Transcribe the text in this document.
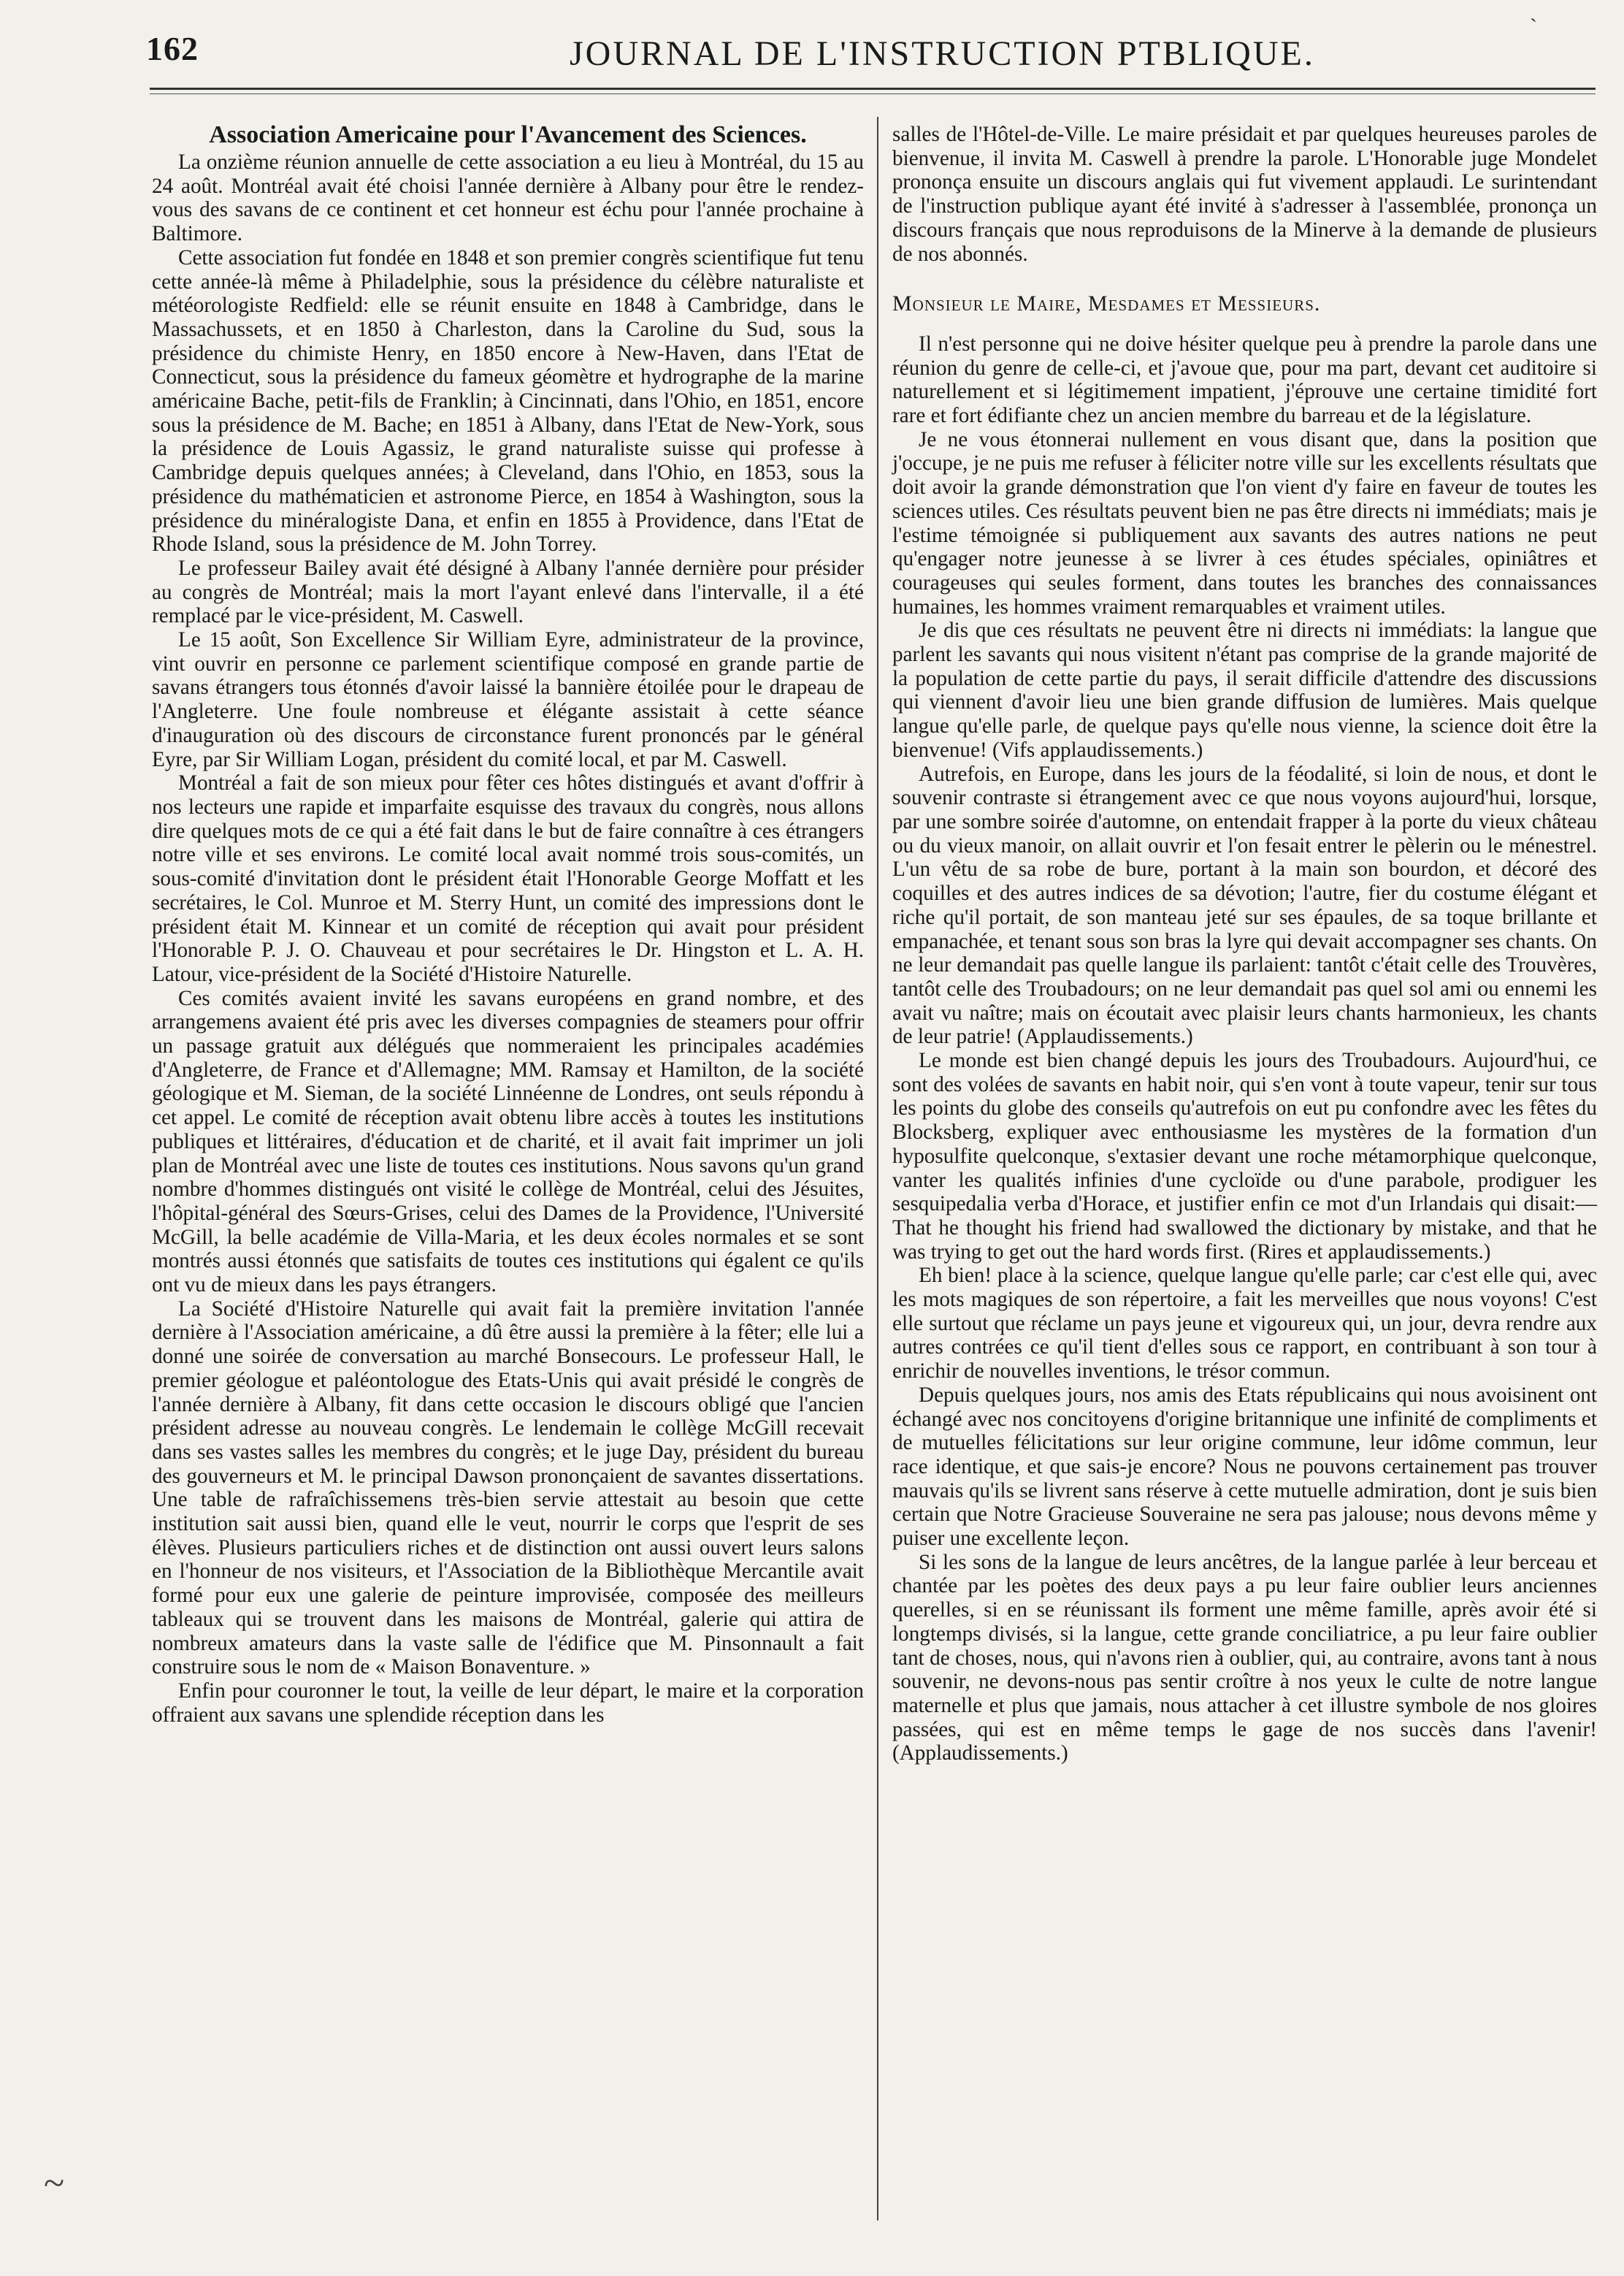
`
162	JOURNAL DE L'INSTRUCTION PTBLIQUE.
Association Americaine pour l'Avancement des Sciences.

La onzième réunion annuelle de cette association a eu lieu à Montréal, du 15 au 24 août. Montréal avait été choisi l'année dernière à Albany pour être le rendez-vous des savans de ce continent et cet honneur est échu pour l'année prochaine à Baltimore.

Cette association fut fondée en 1848 et son premier congrès scientifique fut tenu cette année-là même à Philadelphie, sous la présidence du célèbre naturaliste et météorologiste Redfield: elle se réunit ensuite en 1848 à Cambridge, dans le Massachussets, et en 1850 à Charleston, dans la Caroline du Sud, sous la présidence du chimiste Henry, en 1850 encore à New-Haven, dans l'Etat de Connecticut, sous la présidence du fameux géomètre et hydrographe de la marine américaine Bache, petit-fils de Franklin; à Cincinnati, dans l'Ohio, en 1851, encore sous la présidence de M. Bache; en 1851 à Albany, dans l'Etat de New-York, sous la présidence de Louis Agassiz, le grand naturaliste suisse qui professe à Cambridge depuis quelques années; à Cleveland, dans l'Ohio, en 1853, sous la présidence du mathématicien et astronome Pierce, en 1854 à Washington, sous la présidence du minéralogiste Dana, et enfin en 1855 à Providence, dans l'Etat de Rhode Island, sous la présidence de M. John Torrey.

Le professeur Bailey avait été désigné à Albany l'année dernière pour présider au congrès de Montréal; mais la mort l'ayant enlevé dans l'intervalle, il a été remplacé par le vice-président, M. Caswell.

Le 15 août, Son Excellence Sir William Eyre, administrateur de la province, vint ouvrir en personne ce parlement scientifique composé en grande partie de savans étrangers tous étonnés d'avoir laissé la bannière étoilée pour le drapeau de l'Angleterre. Une foule nombreuse et élégante assistait à cette séance d'inauguration où des discours de circonstance furent prononcés par le général Eyre, par Sir William Logan, président du comité local, et par M. Caswell.

Montréal a fait de son mieux pour fêter ces hôtes distingués et avant d'offrir à nos lecteurs une rapide et imparfaite esquisse des travaux du congrès, nous allons dire quelques mots de ce qui a été fait dans le but de faire connaître à ces étrangers notre ville et ses environs. Le comité local avait nommé trois sous-comités, un sous-comité d'invitation dont le président était l'Honorable George Moffatt et les secrétaires, le Col. Munroe et M. Sterry Hunt, un comité des impressions dont le président était M. Kinnear et un comité de réception qui avait pour président l'Honorable P. J. O. Chauveau et pour secrétaires le Dr. Hingston et L. A. H. Latour, vice-président de la Société d'Histoire Naturelle.

Ces comités avaient invité les savans européens en grand nombre, et des arrangemens avaient été pris avec les diverses compagnies de steamers pour offrir un passage gratuit aux délégués que nommeraient les principales académies d'Angleterre, de France et d'Allemagne; MM. Ramsay et Hamilton, de la société géologique et M. Sieman, de la société Linnéenne de Londres, ont seuls répondu à cet appel. Le comité de réception avait obtenu libre accès à toutes les institutions publiques et littéraires, d'éducation et de charité, et il avait fait imprimer un joli plan de Montréal avec une liste de toutes ces institutions. Nous savons qu'un grand nombre d'hommes distingués ont visité le collège de Montréal, celui des Jésuites, l'hôpital-général des Sœurs-Grises, celui des Dames de la Providence, l'Université McGill, la belle académie de Villa-Maria, et les deux écoles normales et se sont montrés aussi étonnés que satisfaits de toutes ces institutions qui égalent ce qu'ils ont vu de mieux dans les pays étrangers.

La Société d'Histoire Naturelle qui avait fait la première invitation l'année dernière à l'Association américaine, a dû être aussi la première à la fêter; elle lui a donné une soirée de conversation au marché Bonsecours. Le professeur Hall, le premier géologue et paléontologue des Etats-Unis qui avait présidé le congrès de l'année dernière à Albany, fit dans cette occasion le discours obligé que l'ancien président adresse au nouveau congrès. Le lendemain le collège McGill recevait dans ses vastes salles les membres du congrès; et le juge Day, président du bureau des gouverneurs et M. le principal Dawson prononçaient de savantes dissertations. Une table de rafraîchissemens très-bien servie attestait au besoin que cette institution sait aussi bien, quand elle le veut, nourrir le corps que l'esprit de ses élèves. Plusieurs particuliers riches et de distinction ont aussi ouvert leurs salons en l'honneur de nos visiteurs, et l'Association de la Bibliothèque Mercantile avait formé pour eux une galerie de peinture improvisée, composée des meilleurs tableaux qui se trouvent dans les maisons de Montréal, galerie qui attira de nombreux amateurs dans la vaste salle de l'édifice que M. Pinsonnault a fait construire sous le nom de « Maison Bonaventure. »

Enfin pour couronner le tout, la veille de leur départ, le maire et la corporation offraient aux savans une splendide réception dans les

salles de l'Hôtel-de-Ville. Le maire présidait et par quelques heureuses paroles de bienvenue, il invita M. Caswell à prendre la parole. L'Honorable juge Mondelet prononça ensuite un discours anglais qui fut vivement applaudi. Le surintendant de l'instruction publique ayant été invité à s'adresser à l'assemblée, prononça un discours français que nous reproduisons de la Minerve à la demande de plusieurs de nos abonnés.

Monsieur le Maire, Mesdames et Messieurs.

Il n'est personne qui ne doive hésiter quelque peu à prendre la parole dans une réunion du genre de celle-ci, et j'avoue que, pour ma part, devant cet auditoire si naturellement et si légitimement impatient, j'éprouve une certaine timidité fort rare et fort édifiante chez un ancien membre du barreau et de la législature.

Je ne vous étonnerai nullement en vous disant que, dans la position que j'occupe, je ne puis me refuser à féliciter notre ville sur les excellents résultats que doit avoir la grande démonstration que l'on vient d'y faire en faveur de toutes les sciences utiles. Ces résultats peuvent bien ne pas être directs ni immédiats; mais je l'estime témoignée si publiquement aux savants des autres nations ne peut qu'engager notre jeunesse à se livrer à ces études spéciales, opiniâtres et courageuses qui seules forment, dans toutes les branches des connaissances humaines, les hommes vraiment remarquables et vraiment utiles.

Je dis que ces résultats ne peuvent être ni directs ni immédiats: la langue que parlent les savants qui nous visitent n'étant pas comprise de la grande majorité de la population de cette partie du pays, il serait difficile d'attendre des discussions qui viennent d'avoir lieu une bien grande diffusion de lumières. Mais quelque langue qu'elle parle, de quelque pays qu'elle nous vienne, la science doit être la bienvenue! (Vifs applaudissements.)

Autrefois, en Europe, dans les jours de la féodalité, si loin de nous, et dont le souvenir contraste si étrangement avec ce que nous voyons aujourd'hui, lorsque, par une sombre soirée d'automne, on entendait frapper à la porte du vieux château ou du vieux manoir, on allait ouvrir et l'on fesait entrer le pèlerin ou le ménestrel. L'un vêtu de sa robe de bure, portant à la main son bourdon, et décoré des coquilles et des autres indices de sa dévotion; l'autre, fier du costume élégant et riche qu'il portait, de son manteau jeté sur ses épaules, de sa toque brillante et empanachée, et tenant sous son bras la lyre qui devait accompagner ses chants. On ne leur demandait pas quelle langue ils parlaient: tantôt c'était celle des Trouvères, tantôt celle des Troubadours; on ne leur demandait pas quel sol ami ou ennemi les avait vu naître; mais on écoutait avec plaisir leurs chants harmonieux, les chants de leur patrie! (Applaudissements.)

Le monde est bien changé depuis les jours des Troubadours. Aujourd'hui, ce sont des volées de savants en habit noir, qui s'en vont à toute vapeur, tenir sur tous les points du globe des conseils qu'autrefois on eut pu confondre avec les fêtes du Blocksberg, expliquer avec enthousiasme les mystères de la formation d'un hyposulfite quelconque, s'extasier devant une roche métamorphique quelconque, vanter les qualités infinies d'une cycloïde ou d'une parabole, prodiguer les sesquipedalia verba d'Horace, et justifier enfin ce mot d'un Irlandais qui disait:—That he thought his friend had swallowed the dictionary by mistake, and that he was trying to get out the hard words first. (Rires et applaudissements.)

Eh bien! place à la science, quelque langue qu'elle parle; car c'est elle qui, avec les mots magiques de son répertoire, a fait les merveilles que nous voyons! C'est elle surtout que réclame un pays jeune et vigoureux qui, un jour, devra rendre aux autres contrées ce qu'il tient d'elles sous ce rapport, en contribuant à son tour à enrichir de nouvelles inventions, le trésor commun.

Depuis quelques jours, nos amis des Etats républicains qui nous avoisinent ont échangé avec nos concitoyens d'origine britannique une infinité de compliments et de mutuelles félicitations sur leur origine commune, leur idôme commun, leur race identique, et que sais-je encore? Nous ne pouvons certainement pas trouver mauvais qu'ils se livrent sans réserve à cette mutuelle admiration, dont je suis bien certain que Notre Gracieuse Souveraine ne sera pas jalouse; nous devons même y puiser une excellente leçon.

Si les sons de la langue de leurs ancêtres, de la langue parlée à leur berceau et chantée par les poètes des deux pays a pu leur faire oublier leurs anciennes querelles, si en se réunissant ils forment une même famille, après avoir été si longtemps divisés, si la langue, cette grande conciliatrice, a pu leur faire oublier tant de choses, nous, qui n'avons rien à oublier, qui, au contraire, avons tant à nous souvenir, ne devons-nous pas sentir croître à nos yeux le culte de notre langue maternelle et plus que jamais, nous attacher à cet illustre symbole de nos gloires passées, qui est en même temps le gage de nos succès dans l'avenir! (Applaudissements.)

~
